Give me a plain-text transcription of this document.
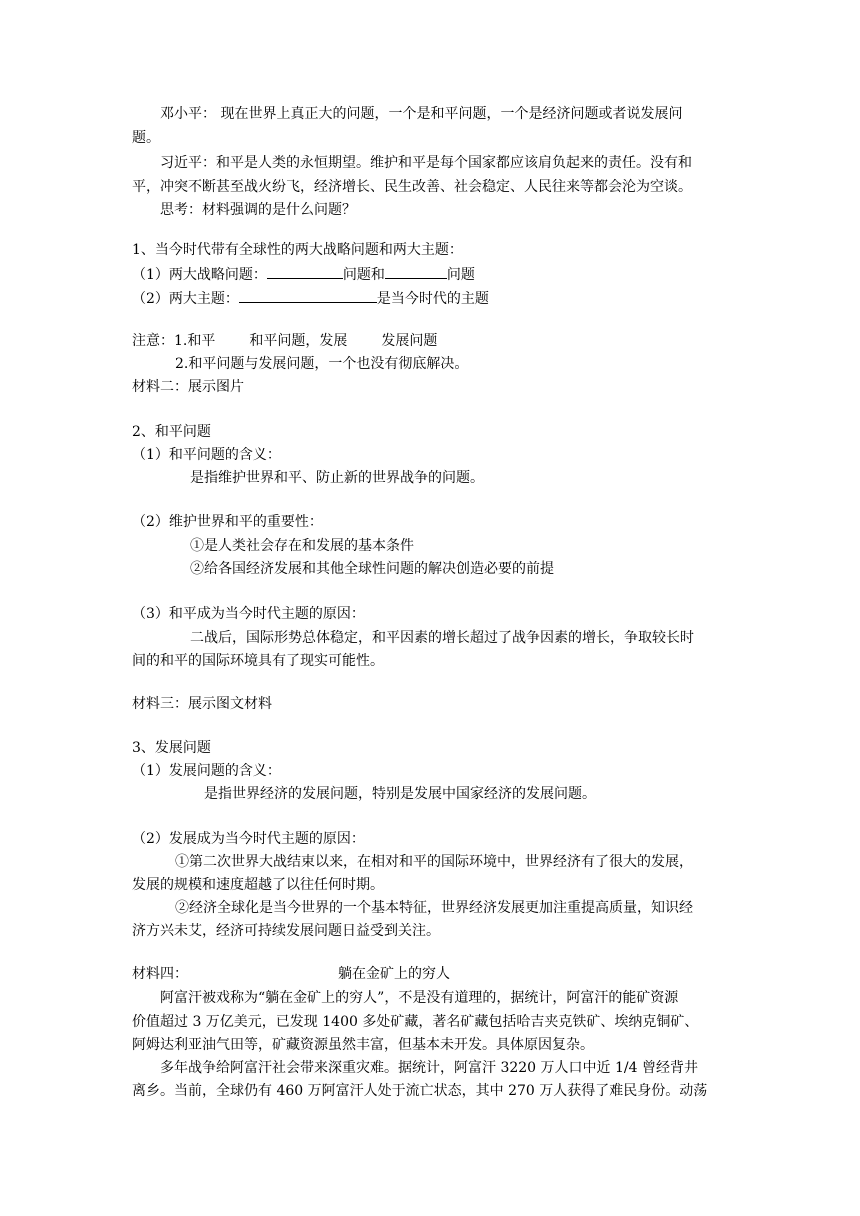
邓小平： 现在世界上真正大的问题，一个是和平问题，一个是经济问题或者说发展问
题。
习近平：和平是人类的永恒期望。维护和平是每个国家都应该肩负起来的责任。没有和
平，冲突不断甚至战火纷飞，经济增长、民生改善、社会稳定、人民往来等都会沦为空谈。
思考：材料强调的是什么问题？
1、当今时代带有全球性的两大战略问题和两大主题：
（1）两大战略问题：	问题和	问题
（2）两大主题：	是当今时代的主题
注意：1.和平 和平问题，发展 发展问题
2.和平问题与发展问题，一个也没有彻底解决。
材料二：展示图片
2、和平问题
（1）和平问题的含义：
是指维护世界和平、防止新的世界战争的问题。
（2）维护世界和平的重要性：
①是人类社会存在和发展的基本条件
②给各国经济发展和其他全球性问题的解决创造必要的前提
（3）和平成为当今时代主题的原因：
二战后，国际形势总体稳定，和平因素的增长超过了战争因素的增长，争取较长时
间的和平的国际环境具有了现实可能性。
材料三：展示图文材料
3、发展问题
（1）发展问题的含义：
是指世界经济的发展问题，特别是发展中国家经济的发展问题。
（2）发展成为当今时代主题的原因：
①第二次世界大战结束以来，在相对和平的国际环境中，世界经济有了很大的发展，
发展的规模和速度超越了以往任何时期。
②经济全球化是当今世界的一个基本特征，世界经济发展更加注重提高质量，知识经
济方兴未艾，经济可持续发展问题日益受到关注。
材料四：	躺在金矿上的穷人
阿富汗被戏称为“躺在金矿上的穷人”，不是没有道理的，据统计，阿富汗的能矿资源
价值超过 3 万亿美元，已发现 1400 多处矿藏，著名矿藏包括哈吉夹克铁矿、埃纳克铜矿、
阿姆达利亚油气田等，矿藏资源虽然丰富，但基本未开发。具体原因复杂。
多年战争给阿富汗社会带来深重灾难。据统计，阿富汗 3220 万人口中近 1/4 曾经背井
离乡。当前，全球仍有 460 万阿富汗人处于流亡状态，其中 270 万人获得了难民身份。动荡
